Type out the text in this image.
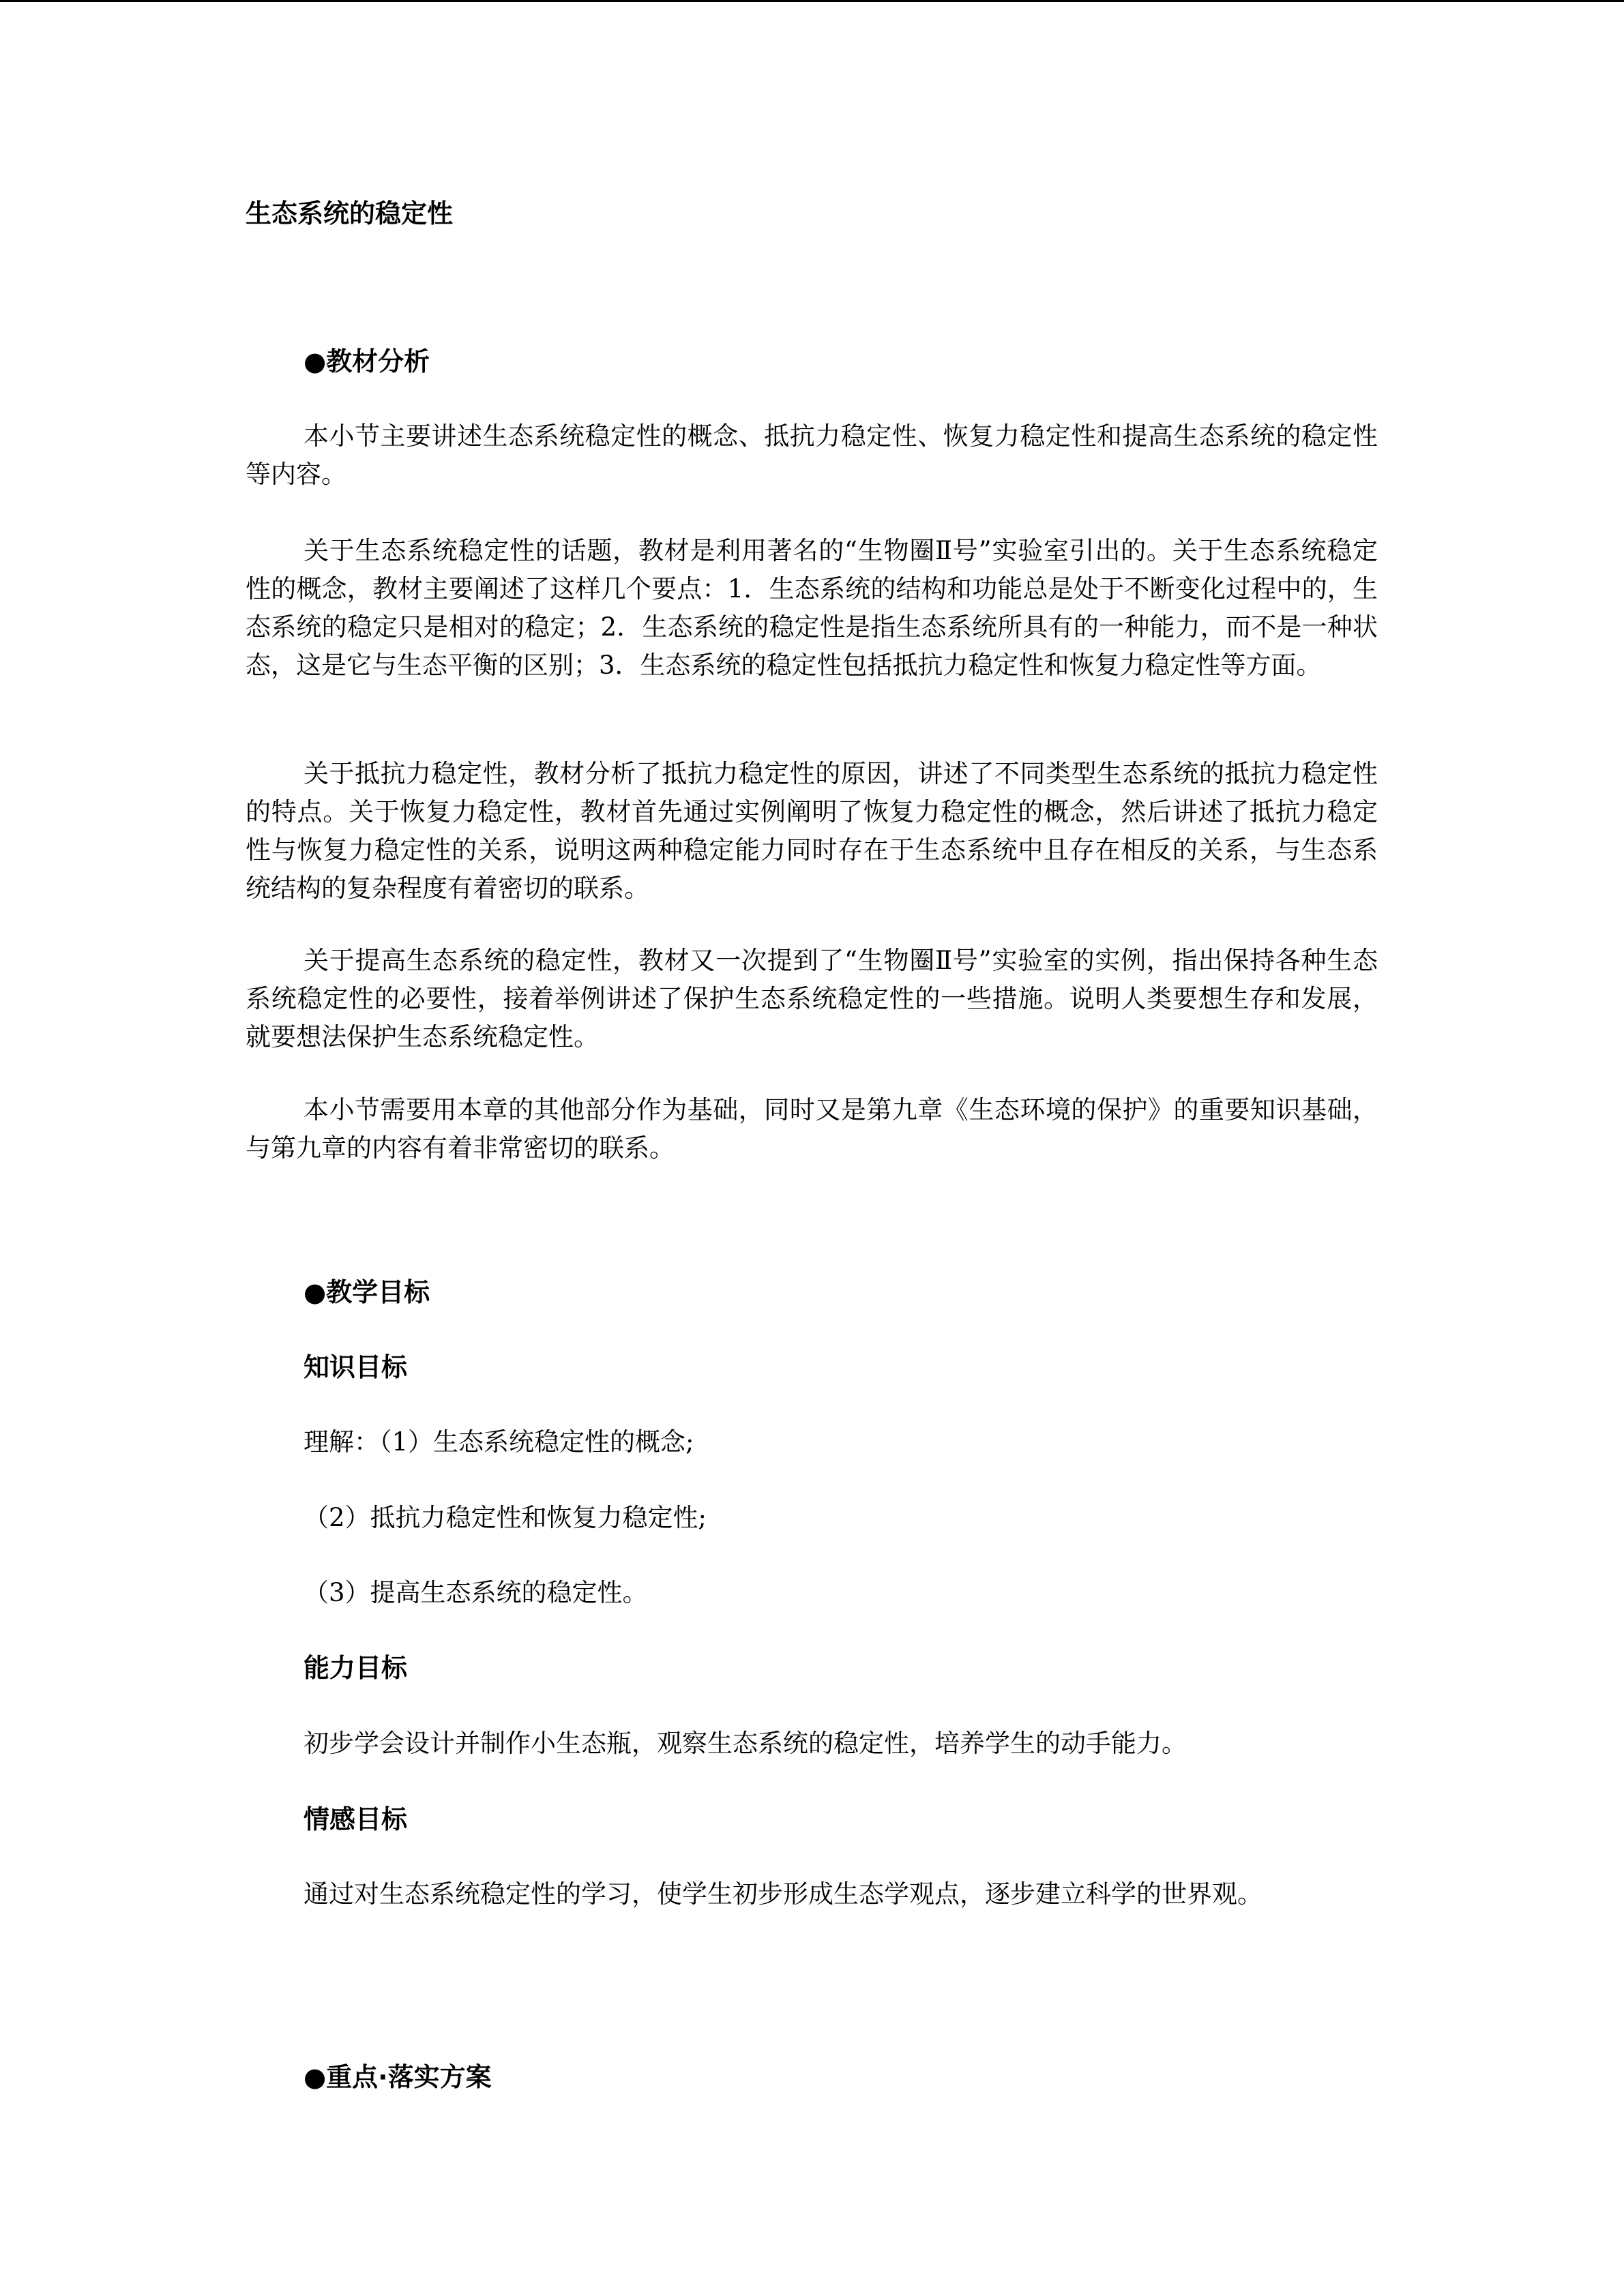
生态系统的稳定性
●教材分析

本小节主要讲述生态系统稳定性的概念、抵抗力稳定性、恢复力稳定性和提高生态系统的稳定性等内容。

关于生态系统稳定性的话题，教材是利用著名的“生物圈Ⅱ号”实验室引出的。关于生态系统稳定性的概念，教材主要阐述了这样几个要点：1．生态系统的结构和功能总是处于不断变化过程中的，生态系统的稳定只是相对的稳定；2．生态系统的稳定性是指生态系统所具有的一种能力，而不是一种状态，这是它与生态平衡的区别；3．生态系统的稳定性包括抵抗力稳定性和恢复力稳定性等方面。

关于抵抗力稳定性，教材分析了抵抗力稳定性的原因，讲述了不同类型生态系统的抵抗力稳定性的特点。关于恢复力稳定性，教材首先通过实例阐明了恢复力稳定性的概念，然后讲述了抵抗力稳定性与恢复力稳定性的关系，说明这两种稳定能力同时存在于生态系统中且存在相反的关系，与生态系统结构的复杂程度有着密切的联系。

关于提高生态系统的稳定性，教材又一次提到了“生物圈Ⅱ号”实验室的实例，指出保持各种生态系统稳定性的必要性，接着举例讲述了保护生态系统稳定性的一些措施。说明人类要想生存和发展，就要想法保护生态系统稳定性。

本小节需要用本章的其他部分作为基础，同时又是第九章《生态环境的保护》的重要知识基础，与第九章的内容有着非常密切的联系。

●教学目标
知识目标
理解：（1）生态系统稳定性的概念;
（2）抵抗力稳定性和恢复力稳定性;
（3）提高生态系统的稳定性。
能力目标
初步学会设计并制作小生态瓶，观察生态系统的稳定性，培养学生的动手能力。
情感目标

通过对生态系统稳定性的学习，使学生初步形成生态学观点，逐步建立科学的世界观。

●重点·落实方案
